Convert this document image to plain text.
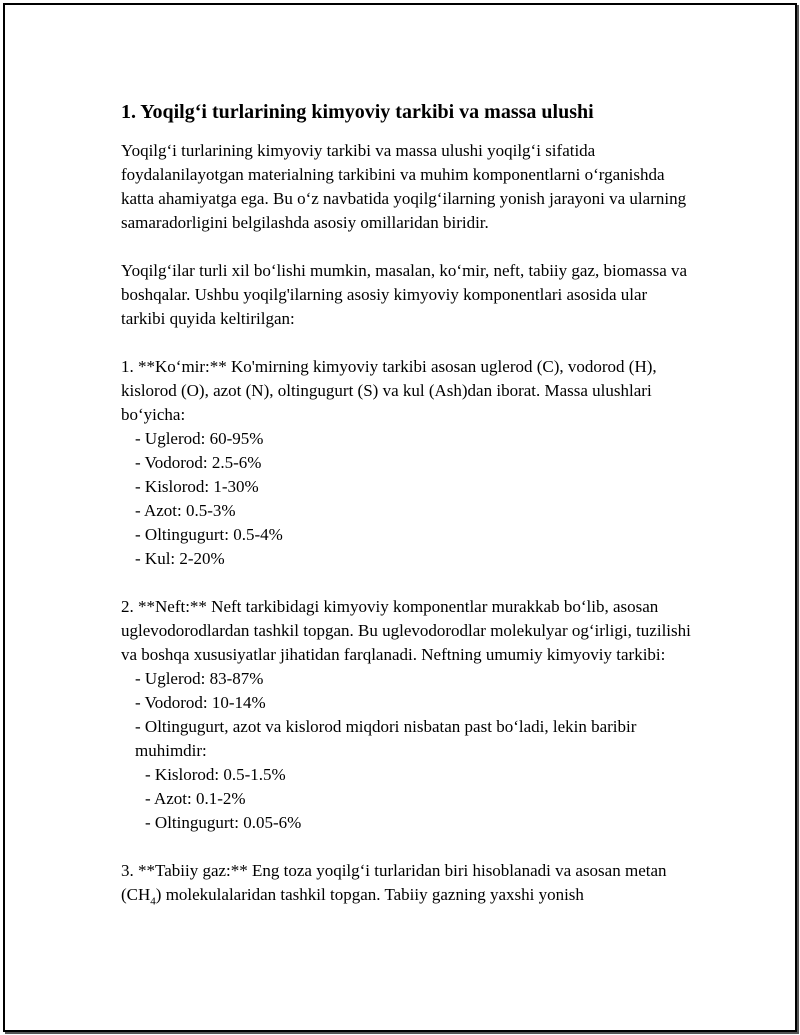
1. Yoqilg‘i turlarining kimyoviy tarkibi va massa ulushi

Yoqilg‘i turlarining kimyoviy tarkibi va massa ulushi yoqilg‘i sifatida foydalanilayotgan materialning tarkibini va muhim komponentlarni o‘rganishda katta ahamiyatga ega. Bu o‘z navbatida yoqilg‘ilarning yonish jarayoni va ularning samaradorligini belgilashda asosiy omillaridan biridir.

Yoqilg‘ilar turli xil bo‘lishi mumkin, masalan, ko‘mir, neft, tabiiy gaz, biomassa va boshqalar. Ushbu yoqilg'ilarning asosiy kimyoviy komponentlari asosida ular tarkibi quyida keltirilgan:

1. **Ko‘mir:** Ko'mirning kimyoviy tarkibi asosan uglerod (C), vodorod (H), kislorod (O), azot (N), oltingugurt (S) va kul (Ash)dan iborat. Massa ulushlari bo‘yicha:
- Uglerod: 60-95%
- Vodorod: 2.5-6%
- Kislorod: 1-30%
- Azot: 0.5-3%
- Oltingugurt: 0.5-4%
- Kul: 2-20%
2. **Neft:** Neft tarkibidagi kimyoviy komponentlar murakkab bo‘lib, asosan uglevodorodlardan tashkil topgan. Bu uglevodorodlar molekulyar og‘irligi, tuzilishi va boshqa xususiyatlar jihatidan farqlanadi. Neftning umumiy kimyoviy tarkibi:
- Uglerod: 83-87%
- Vodorod: 10-14%
- Oltingugurt, azot va kislorod miqdori nisbatan past bo‘ladi, lekin baribir muhimdir:
- Kislorod: 0.5-1.5%
- Azot: 0.1-2%
- Oltingugurt: 0.05-6%
3. **Tabiiy gaz:** Eng toza yoqilg‘i turlaridan biri hisoblanadi va asosan metan $(CH_4)$ molekulalaridan tashkil topgan. Tabiiy gazning yaxshi yonish
